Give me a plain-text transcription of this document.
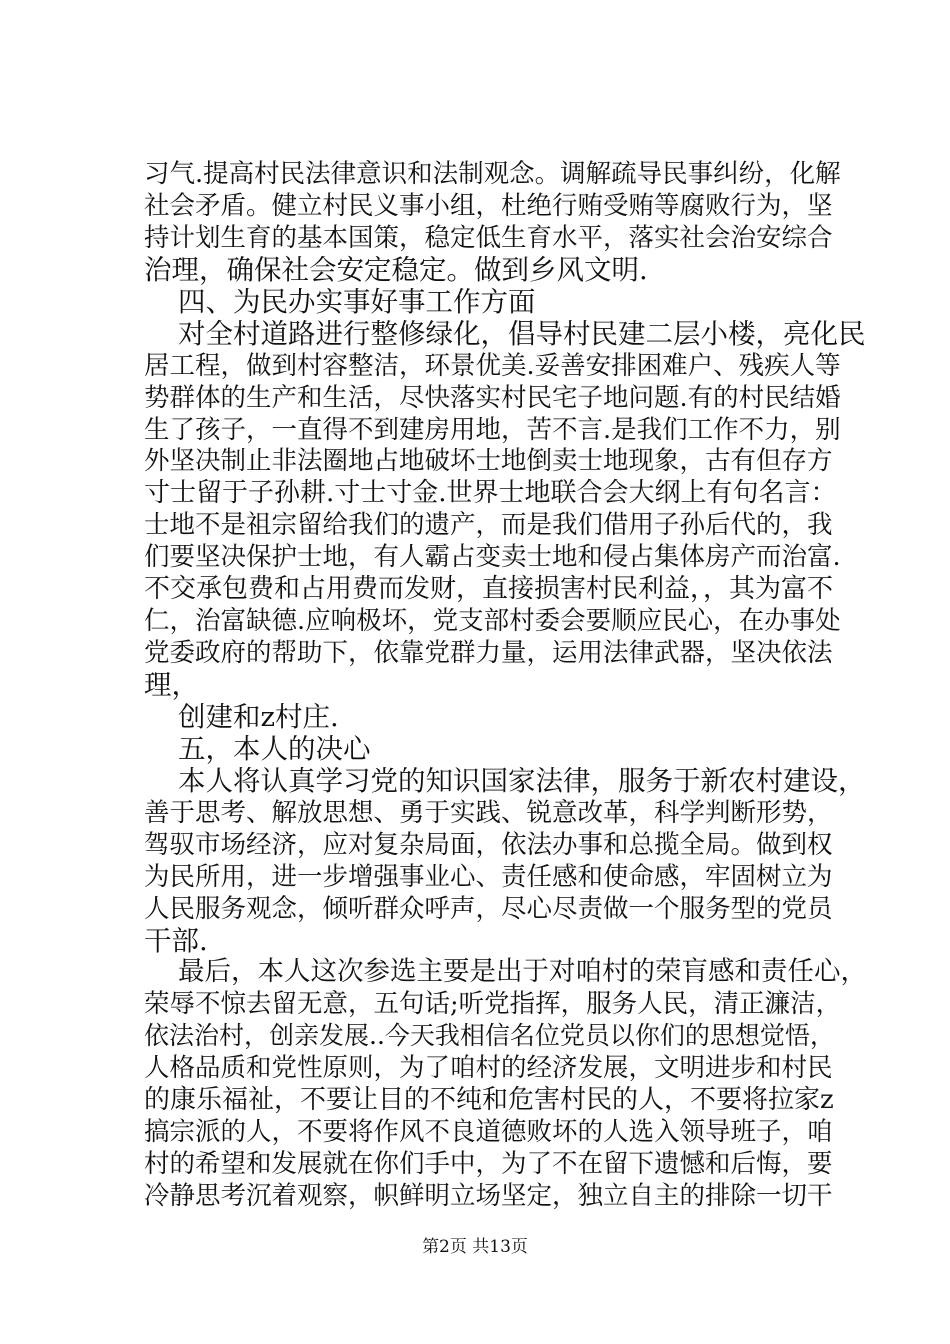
习气.提高村民法律意识和法制观念。调解疏导民事纠纷，化解
社会矛盾。健立村民义事小组，杜绝行贿受贿等腐败行为，坚
持计划生育的基本国策，稳定低生育水平，落实社会治安综合
治理，确保社会安定稳定。做到乡风文明.
四、为民办实事好事工作方面
对全村道路进行整修绿化，倡导村民建二层小楼，亮化民
居工程，做到村容整洁，环景优美.妥善安排困难户、残疾人等
势群体的生产和生活，尽快落实村民宅子地问题.有的村民结婚
生了孩子，一直得不到建房用地，苦不言.是我们工作不力，别
外坚决制止非法圈地占地破坏士地倒卖士地现象，古有但存方
寸士留于子孙耕.寸士寸金.世界士地联合会大纲上有句名言：
士地不是祖宗留给我们的遗产，而是我们借用子孙后代的，我
们要坚决保护士地，有人霸占变卖士地和侵占集体房产而治富.
不交承包费和占用费而发财，直接损害村民利益，，其为富不
仁，治富缺德.应响极坏，党支部村委会要顺应民心，在办事处
党委政府的帮助下，依靠党群力量，运用法律武器，坚决依法
理，
创建和z村庄.
五，本人的决心
本人将认真学习党的知识国家法律，服务于新农村建设，
善于思考、解放思想、勇于实践、锐意改革，科学判断形势，
驾驭市场经济，应对复杂局面，依法办事和总揽全局。做到权
为民所用，进一步增强事业心、责任感和使命感，牢固树立为
人民服务观念，倾听群众呼声，尽心尽责做一个服务型的党员
干部.
最后，本人这次参选主要是出于对咱村的荣肓感和责任心，
荣辱不惊去留无意，五句话;听党指挥，服务人民，清正濂洁，
依法治村，创亲发展..今天我相信名位党员以你们的思想觉悟，
人格品质和党性原则，为了咱村的经济发展，文明进步和村民
的康乐福祉，不要让目的不纯和危害村民的人，不要将拉家z
搞宗派的人，不要将作风不良道德败坏的人选入领导班子，咱
村的希望和发展就在你们手中，为了不在留下遗憾和后悔，要
冷静思考沉着观察，帜鲜明立场坚定，独立自主的排除一切干
第2页 共13页
